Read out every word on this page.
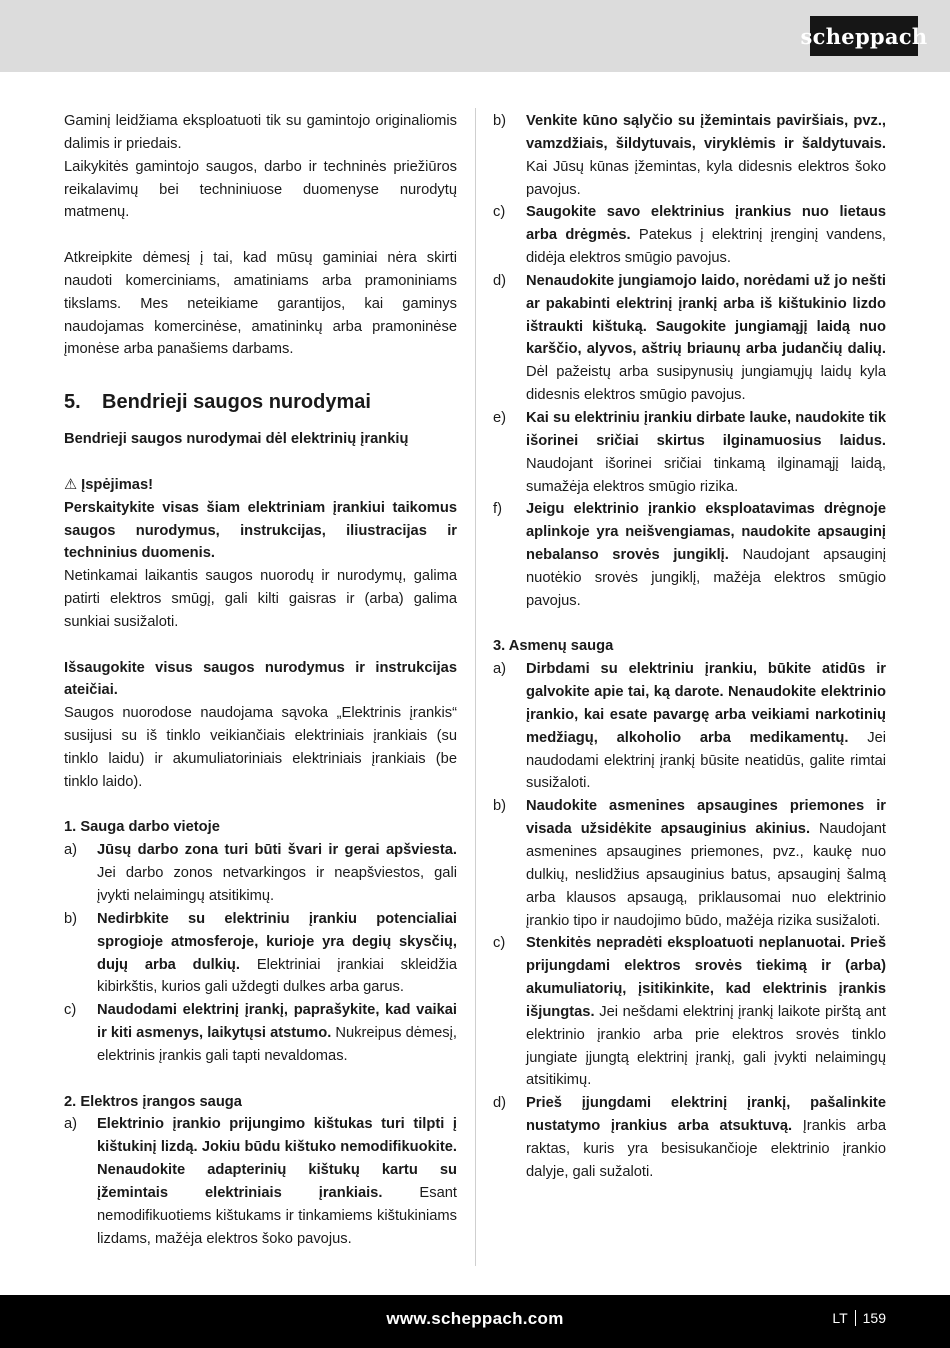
scheppach

Gaminį leidžiama eksploatuoti tik su gamintojo originaliomis dalimis ir priedais.

Laikykitės gamintojo saugos, darbo ir techninės priežiūros reikalavimų bei techniniuose duomenyse nurodytų matmenų.

Atkreipkite dėmesį į tai, kad mūsų gaminiai nėra skirti naudoti komerciniams, amatiniams arba pramoniniams tikslams. Mes neteikiame garantijos, kai gaminys naudojamas komercinėse, amatininkų arba pramoninėse įmonėse arba panašiems darbams.

5.	Bendrieji saugos nurodymai

Bendrieji saugos nurodymai dėl elektrinių įrankių

⚠ Įspėjimas!

Perskaitykite visas šiam elektriniam įrankiui taikomus saugos nurodymus, instrukcijas, iliustracijas ir techninius duomenis.

Netinkamai laikantis saugos nuorodų ir nurodymų, galima patirti elektros smūgį, gali kilti gaisras ir (arba) galima sunkiai susižaloti.

Išsaugokite visus saugos nurodymus ir instrukcijas ateičiai.

Saugos nuorodose naudojama sąvoka „Elektrinis įrankis“ susijusi su iš tinklo veikiančiais elektriniais įrankiais (su tinklo laidu) ir akumuliatoriniais elektriniais įrankiais (be tinklo laido).

1. Sauga darbo vietoje

a)	Jūsų darbo zona turi būti švari ir gerai apšviesta. Jei darbo zonos netvarkingos ir neapšviestos, gali įvykti nelaimingų atsitikimų.
b)	Nedirbkite su elektriniu įrankiu potencialiai sprogioje atmosferoje, kurioje yra degių skysčių, dujų arba dulkių. Elektriniai įrankiai skleidžia kibirkštis, kurios gali uždegti dulkes arba garus.
c)	Naudodami elektrinį įrankį, paprašykite, kad vaikai ir kiti asmenys, laikytųsi atstumo. Nukreipus dėmesį, elektrinis įrankis gali tapti nevaldomas.

2. Elektros įrangos sauga

a)	Elektrinio įrankio prijungimo kištukas turi tilpti į kištukinį lizdą. Jokiu būdu kištuko nemodifikuokite. Nenaudokite adapterinių kištukų kartu su įžemintais elektriniais įrankiais. Esant nemodifikuotiems kištukams ir tinkamiems kištukiniams lizdams, mažėja elektros šoko pavojus.
b)	Venkite kūno sąlyčio su įžemintais paviršiais, pvz., vamzdžiais, šildytuvais, viryklėmis ir šaldytuvais. Kai Jūsų kūnas įžemintas, kyla didesnis elektros šoko pavojus.
c)	Saugokite savo elektrinius įrankius nuo lietaus arba drėgmės. Patekus į elektrinį įrenginį vandens, didėja elektros smūgio pavojus.
d)	Nenaudokite jungiamojo laido, norėdami už jo nešti ar pakabinti elektrinį įrankį arba iš kištukinio lizdo ištraukti kištuką. Saugokite jungiamąjį laidą nuo karščio, alyvos, aštrių briaunų arba judančių dalių. Dėl pažeistų arba susipynusių jungiamųjų laidų kyla didesnis elektros smūgio pavojus.
e)	Kai su elektriniu įrankiu dirbate lauke, naudokite tik išorinei sričiai skirtus ilginamuosius laidus. Naudojant išorinei sričiai tinkamą ilginamąjį laidą, sumažėja elektros smūgio rizika.
f)	Jeigu elektrinio įrankio eksploatavimas drėgnoje aplinkoje yra neišvengiamas, naudokite apsauginį nebalanso srovės jungiklį. Naudojant apsauginį nuotėkio srovės jungiklį, mažėja elektros smūgio pavojus.

3. Asmenų sauga

a)	Dirbdami su elektriniu įrankiu, būkite atidūs ir galvokite apie tai, ką darote. Nenaudokite elektrinio įrankio, kai esate pavargę arba veikiami narkotinių medžiagų, alkoholio arba medikamentų. Jei naudodami elektrinį įrankį būsite neatidūs, galite rimtai susižaloti.
b)	Naudokite asmenines apsaugines priemones ir visada užsidėkite apsauginius akinius. Naudojant asmenines apsaugines priemones, pvz., kaukę nuo dulkių, neslidžius apsauginius batus, apsauginį šalmą arba klausos apsaugą, priklausomai nuo elektrinio įrankio tipo ir naudojimo būdo, mažėja rizika susižaloti.
c)	Stenkitės nepradėti eksploatuoti neplanuotai. Prieš prijungdami elektros srovės tiekimą ir (arba) akumuliatorių, įsitikinkite, kad elektrinis įrankis išjungtas. Jei nešdami elektrinį įrankį laikote pirštą ant elektrinio įrankio arba prie elektros srovės tinklo jungiate įjungtą elektrinį įrankį, gali įvykti nelaimingų atsitikimų.
d)	Prieš įjungdami elektrinį įrankį, pašalinkite nustatymo įrankius arba atsuktuvą. Įrankis arba raktas, kuris yra besisukančioje elektrinio įrankio dalyje, gali sužaloti.
www.scheppach.com	LT 159
